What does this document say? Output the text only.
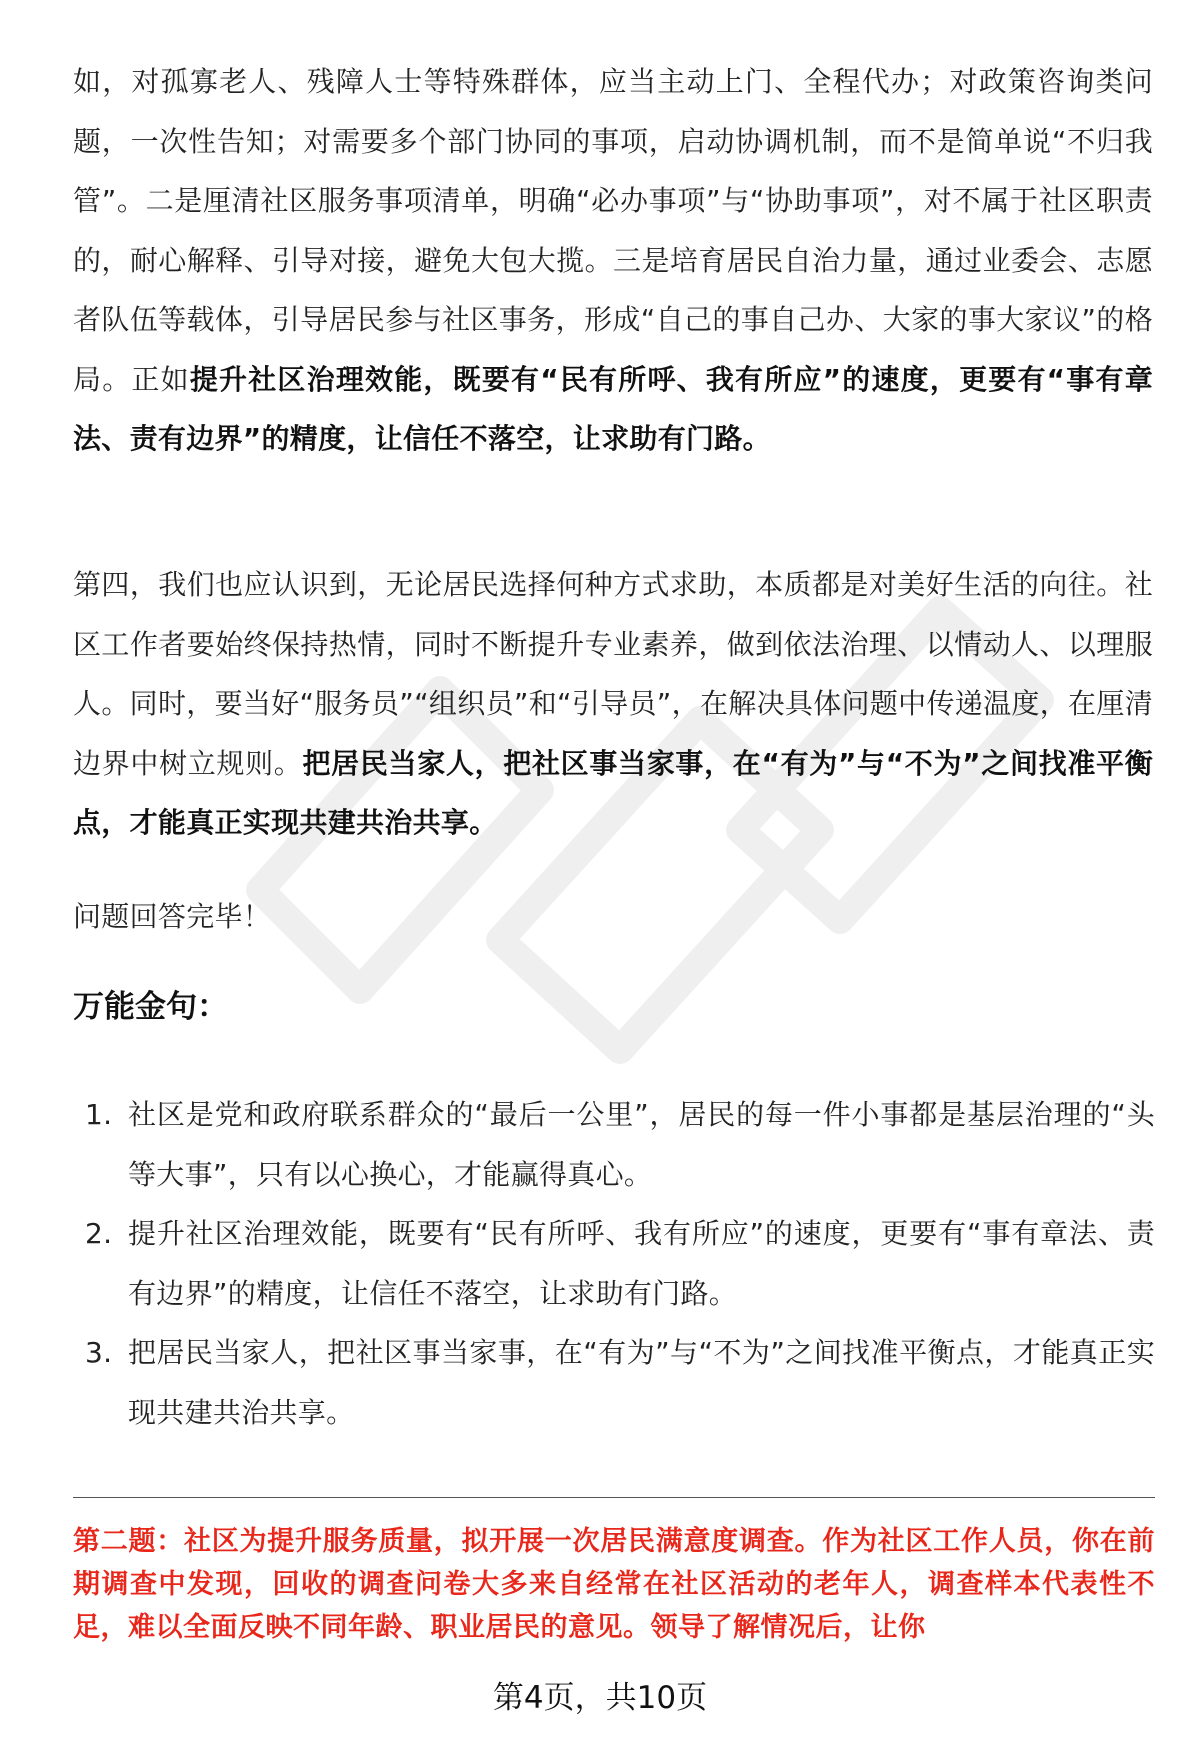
如，对孤寡老人、残障人士等特殊群体，应当主动上门、全程代办；对政策咨询类问题，一次性告知；对需要多个部门协同的事项，启动协调机制，而不是简单说“不归我管”。二是厘清社区服务事项清单，明确“必办事项”与“协助事项”，对不属于社区职责的，耐心解释、引导对接，避免大包大揽。三是培育居民自治力量，通过业委会、志愿者队伍等载体，引导居民参与社区事务，形成“自己的事自己办、大家的事大家议”的格局。正如提升社区治理效能，既要有“民有所呼、我有所应”的速度，更要有“事有章法、责有边界”的精度，让信任不落空，让求助有门路。

第四，我们也应认识到，无论居民选择何种方式求助，本质都是对美好生活的向往。社区工作者要始终保持热情，同时不断提升专业素养，做到依法治理、以情动人、以理服人。同时，要当好“服务员”“组织员”和“引导员”，在解决具体问题中传递温度，在厘清边界中树立规则。把居民当家人，把社区事当家事，在“有为”与“不为”之间找准平衡点，才能真正实现共建共治共享。

问题回答完毕！

万能金句：
1. 社区是党和政府联系群众的“最后一公里”，居民的每一件小事都是基层治理的“头等大事”，只有以心换心，才能赢得真心。
2. 提升社区治理效能，既要有“民有所呼、我有所应”的速度，更要有“事有章法、责有边界”的精度，让信任不落空，让求助有门路。
3. 把居民当家人，把社区事当家事，在“有为”与“不为”之间找准平衡点，才能真正实现共建共治共享。

第二题：社区为提升服务质量，拟开展一次居民满意度调查。作为社区工作人员，你在前期调查中发现，回收的调查问卷大多来自经常在社区活动的老年人，调查样本代表性不足，难以全面反映不同年龄、职业居民的意见。领导了解情况后，让你

第4页，共10页
